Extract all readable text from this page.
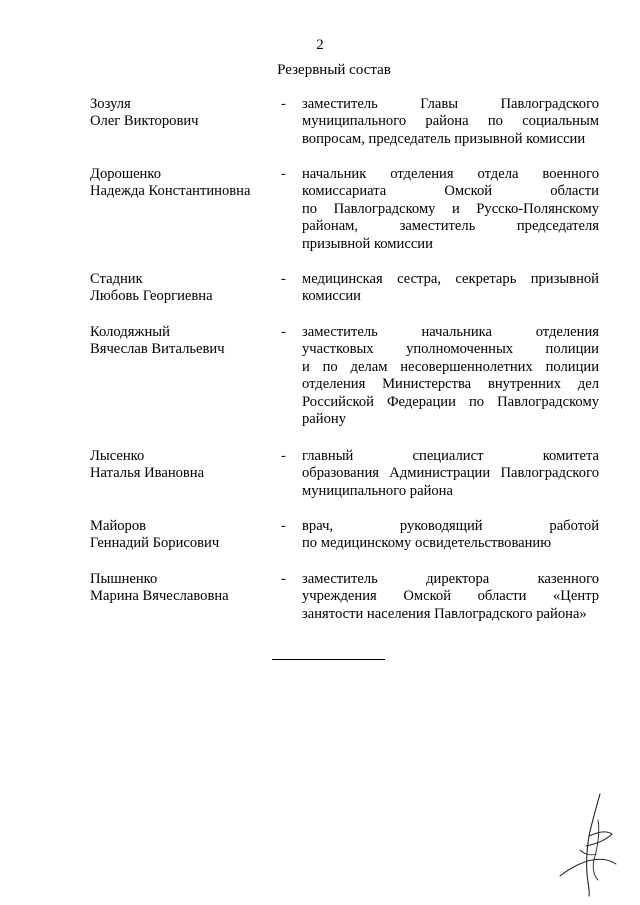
2
Резервный состав
Зозуля
Олег Викторович
- заместитель Главы Павлоградского
муниципального района по социальным
вопросам, председатель призывной комиссии
Дорошенко
Надежда Константиновна
- начальник отделения отдела военного
комиссариата Омской области
по Павлоградскому и Русско-Полянскому
районам, заместитель председателя
призывной комиссии
Стадник
Любовь Георгиевна
- медицинская сестра, секретарь призывной
комиссии
Колодяжный
Вячеслав Витальевич
- заместитель начальника отделения
участковых уполномоченных полиции
и по делам несовершеннолетних полиции
отделения Министерства внутренних дел
Российской Федерации по Павлоградскому
району
Лысенко
Наталья Ивановна
- главный специалист комитета
образования Администрации Павлоградского
муниципального района
Майоров
Геннадий Борисович
- врач, руководящий работой
по медицинскому освидетельствованию
Пышненко
Марина Вячеславовна
- заместитель директора казенного
учреждения Омской области «Центр
занятости населения Павлоградского района»
